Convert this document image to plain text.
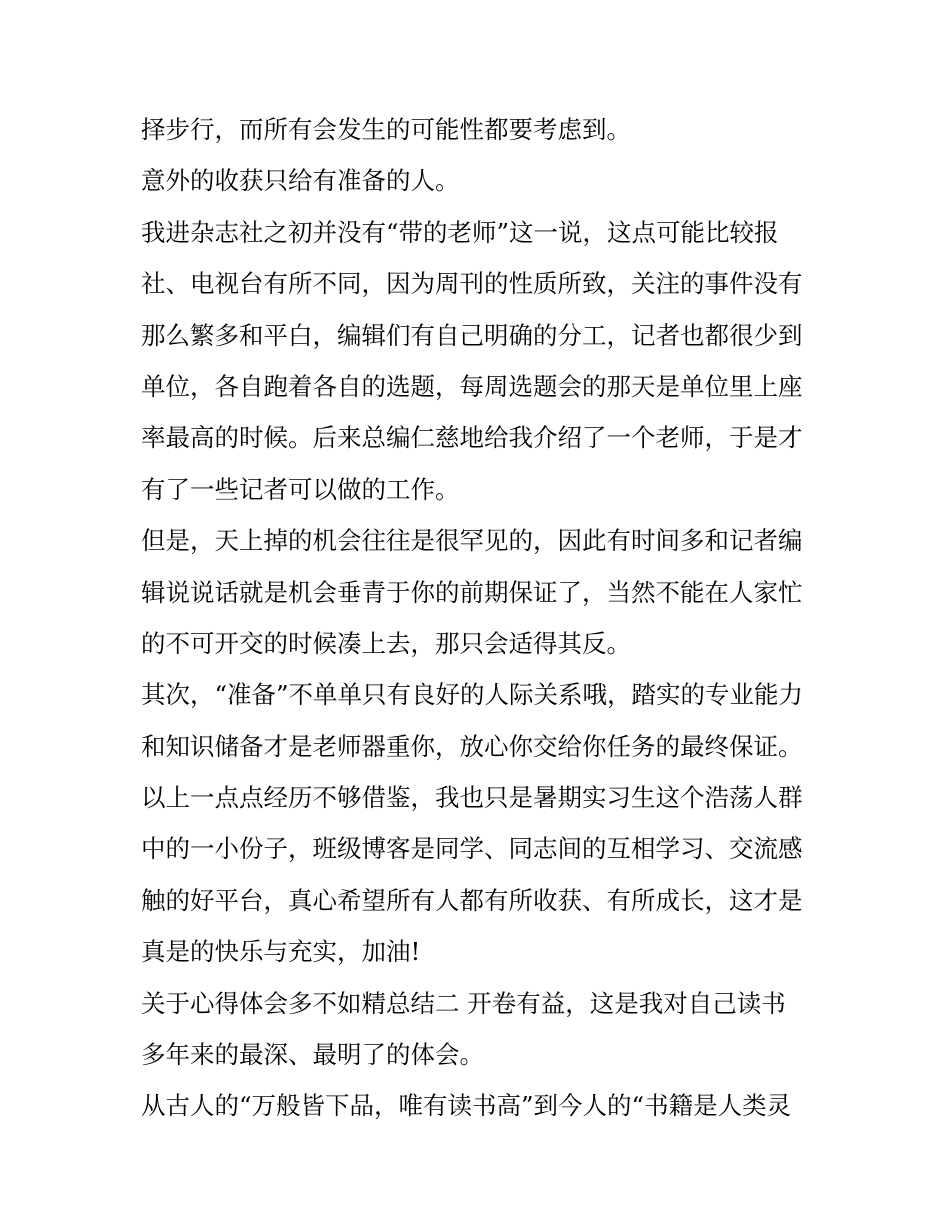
择步行，而所有会发生的可能性都要考虑到。
意外的收获只给有准备的人。
我进杂志社之初并没有“带的老师”这一说，这点可能比较报
社、电视台有所不同，因为周刊的性质所致，关注的事件没有
那么繁多和平白，编辑们有自己明确的分工，记者也都很少到
单位，各自跑着各自的选题，每周选题会的那天是单位里上座
率最高的时候。后来总编仁慈地给我介绍了一个老师，于是才
有了一些记者可以做的工作。
但是，天上掉的机会往往是很罕见的，因此有时间多和记者编
辑说说话就是机会垂青于你的前期保证了，当然不能在人家忙
的不可开交的时候凑上去，那只会适得其反。
其次，“准备”不单单只有良好的人际关系哦，踏实的专业能力
和知识储备才是老师器重你，放心你交给你任务的最终保证。
以上一点点经历不够借鉴，我也只是暑期实习生这个浩荡人群
中的一小份子，班级博客是同学、同志间的互相学习、交流感
触的好平台，真心希望所有人都有所收获、有所成长，这才是
真是的快乐与充实，加油!
关于心得体会多不如精总结二 开卷有益，这是我对自己读书
多年来的最深、最明了的体会。
从古人的“万般皆下品，唯有读书高”到今人的“书籍是人类灵
